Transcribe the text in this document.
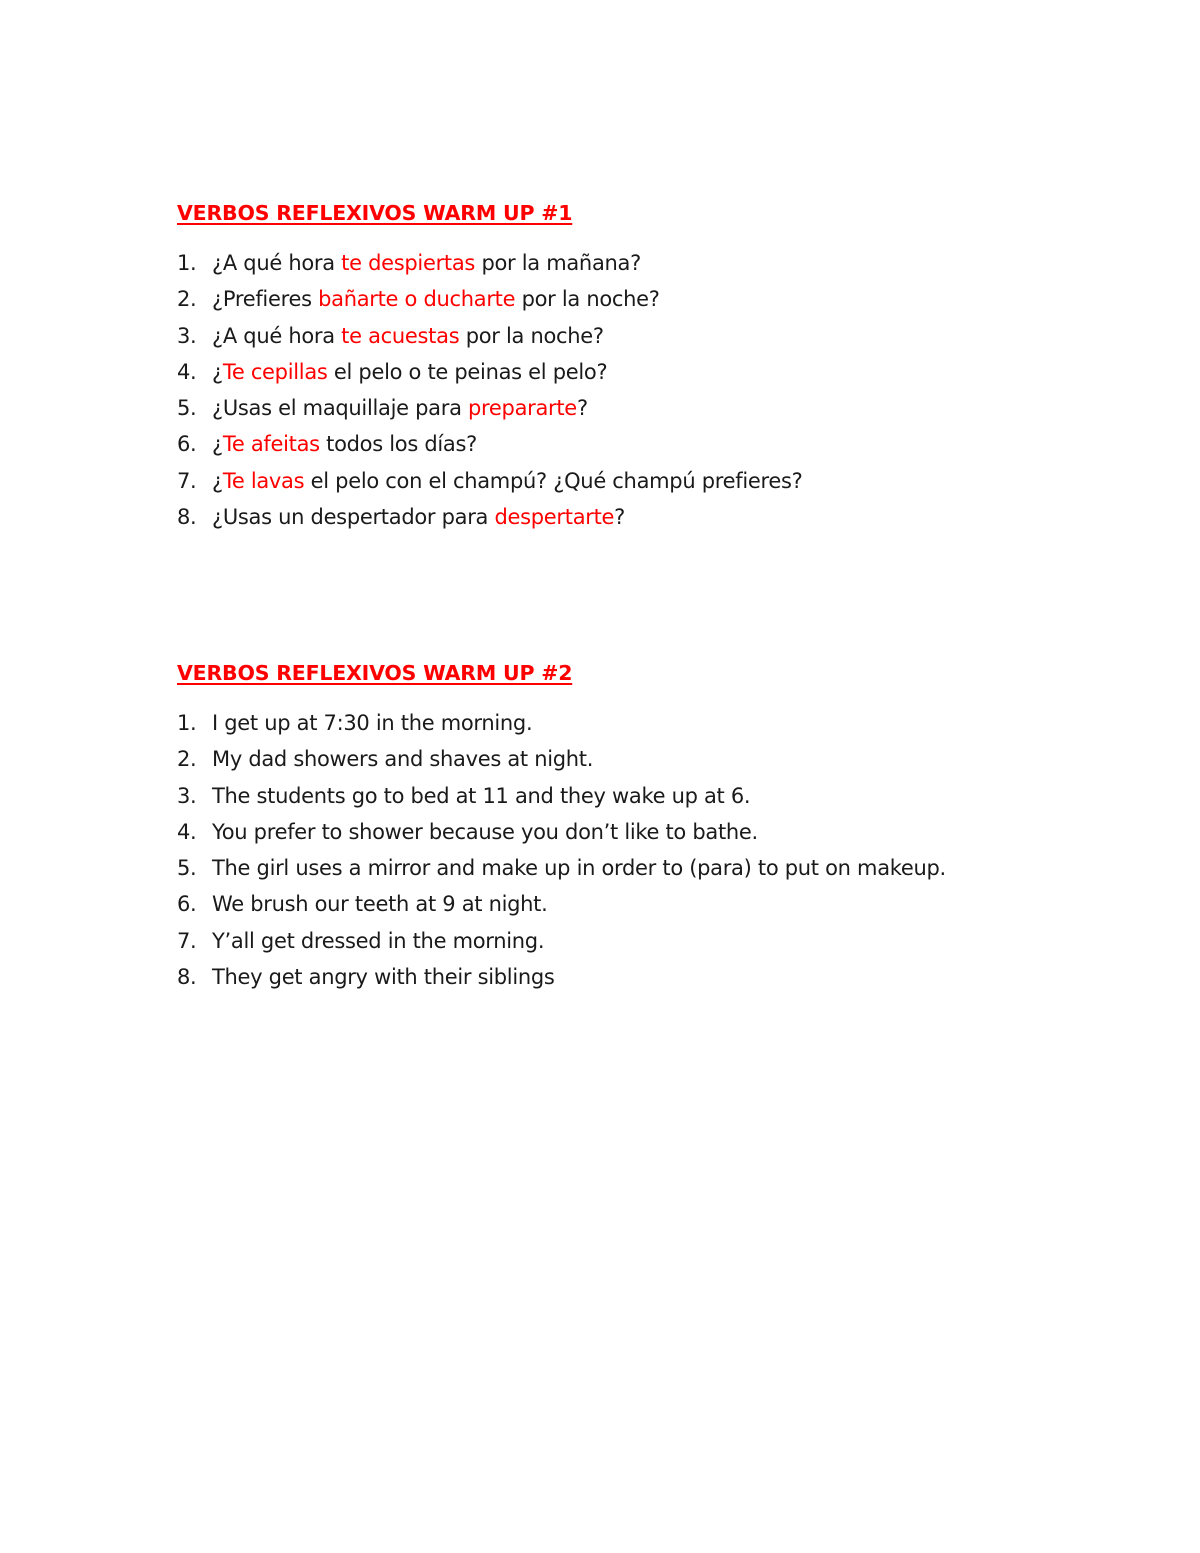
VERBOS REFLEXIVOS WARM UP #1
1. ¿A qué hora te despiertas por la mañana?
2. ¿Prefieres bañarte o ducharte por la noche?
3. ¿A qué hora te acuestas por la noche?
4. ¿Te cepillas el pelo o te peinas el pelo?
5. ¿Usas el maquillaje para prepararte?
6. ¿Te afeitas todos los días?
7. ¿Te lavas el pelo con el champú? ¿Qué champú prefieres?
8. ¿Usas un despertador para despertarte?
VERBOS REFLEXIVOS WARM UP #2
1. I get up at 7:30 in the morning.
2. My dad showers and shaves at night.
3. The students go to bed at 11 and they wake up at 6.
4. You prefer to shower because you don’t like to bathe.
5. The girl uses a mirror and make up in order to (para) to put on makeup.
6. We brush our teeth at 9 at night.
7. Y’all get dressed in the morning.
8. They get angry with their siblings
